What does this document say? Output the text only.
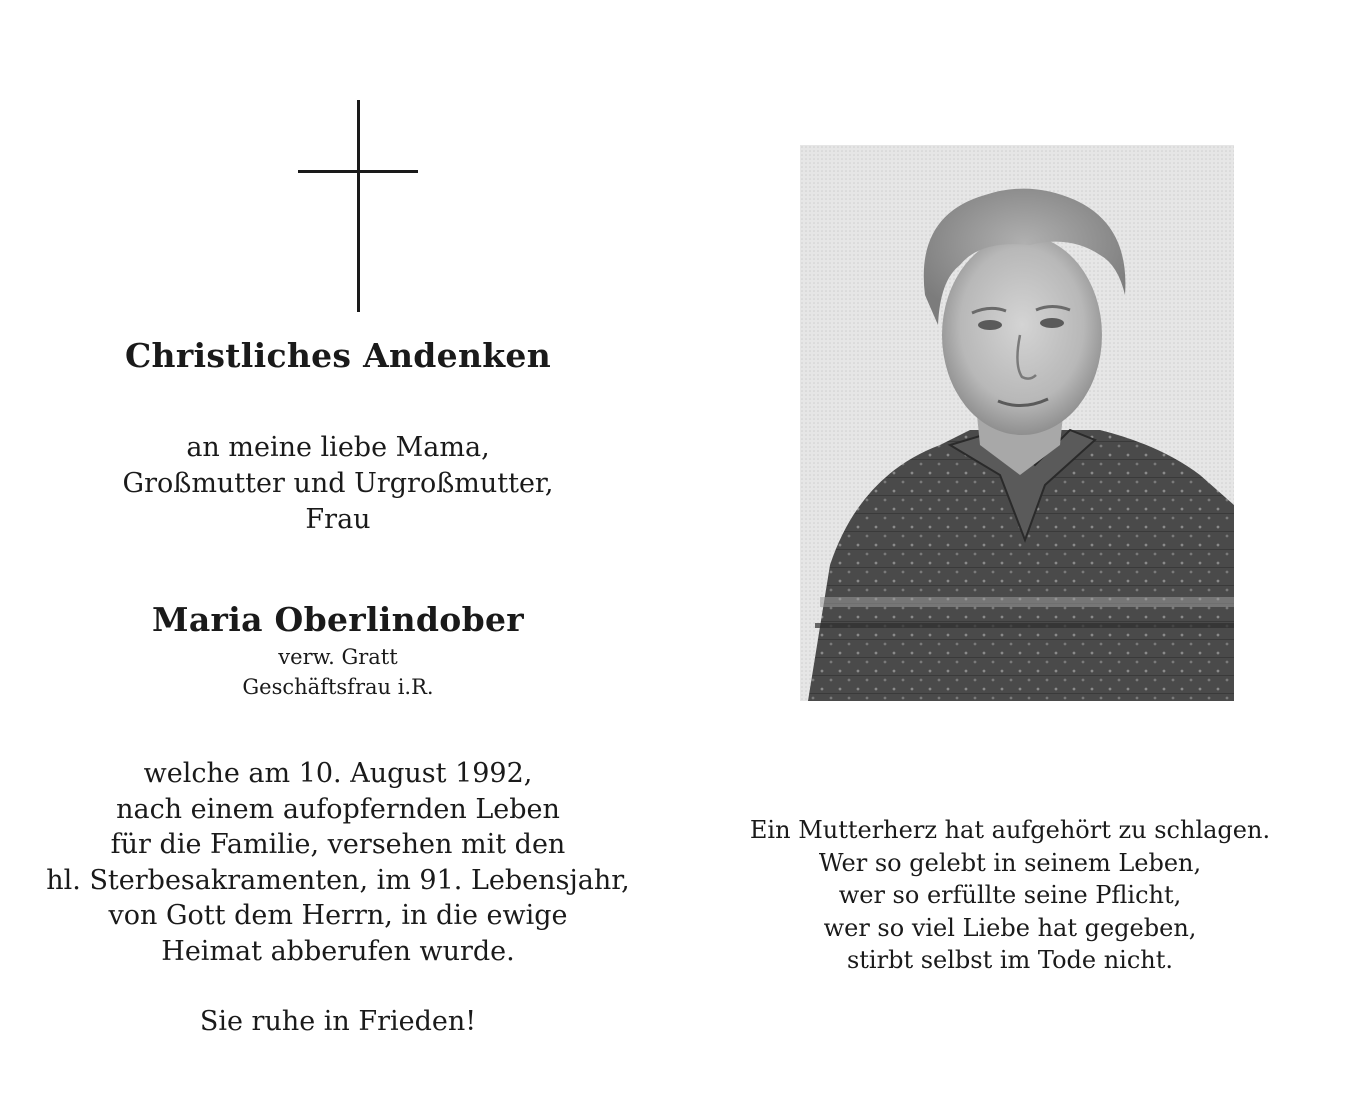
Christliches Andenken
an meine liebe Mama,
Großmutter und Urgroßmutter,
Frau
Maria Oberlindober
verw. Gratt
Geschäftsfrau i.R.
welche am 10. August 1992,
nach einem aufopfernden Leben
für die Familie, versehen mit den
hl. Sterbesakramenten, im 91. Lebensjahr,
von Gott dem Herrn, in die ewige
Heimat abberufen wurde.
Sie ruhe in Frieden!
Ein Mutterherz hat aufgehört zu schlagen.
Wer so gelebt in seinem Leben,
wer so erfüllte seine Pflicht,
wer so viel Liebe hat gegeben,
stirbt selbst im Tode nicht.
